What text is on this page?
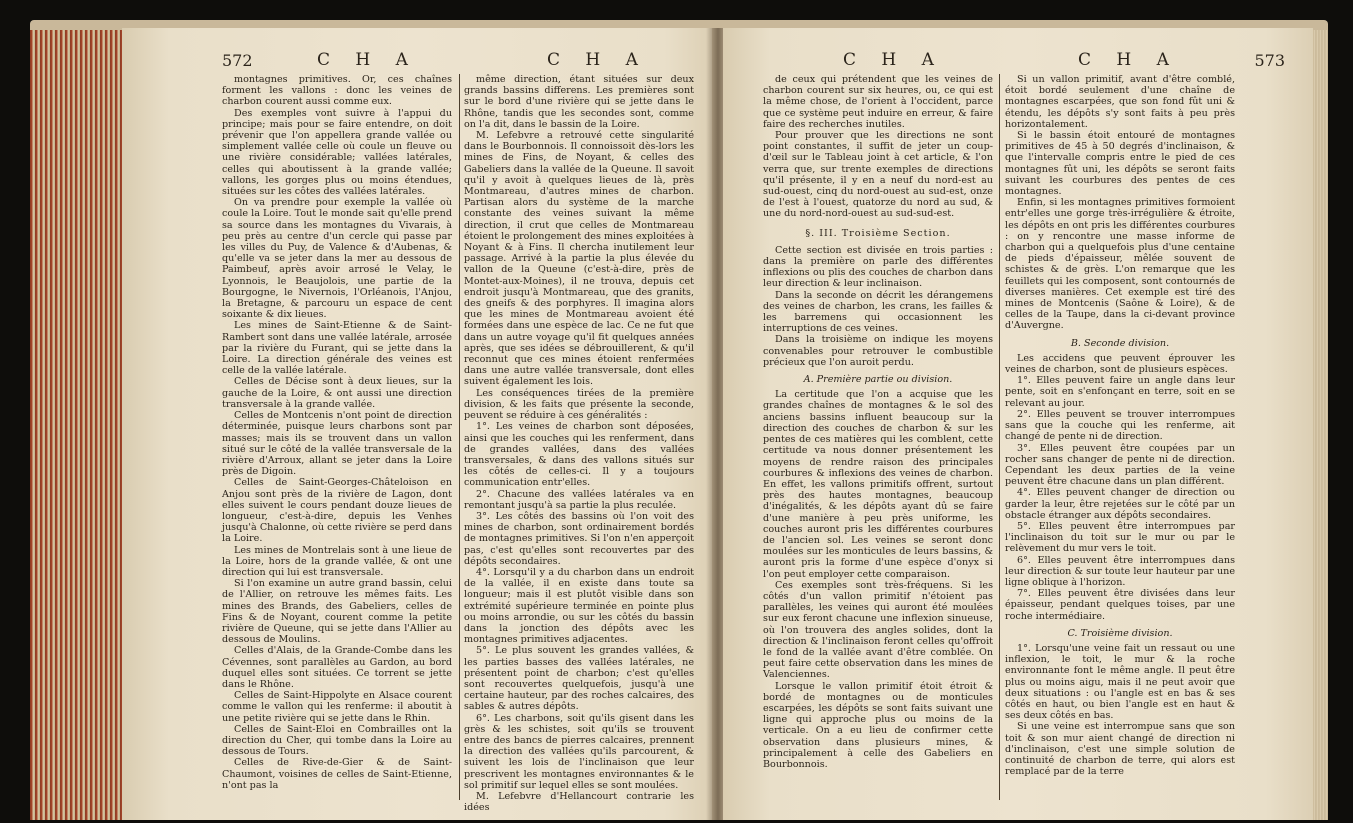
572	C H A	C H A

montagnes primitives. Or, ces chaînes forment les vallons : donc les veines de charbon courent aussi comme eux.

Des exemples vont suivre à l'appui du principe; mais pour se faire entendre, on doit prévenir que l'on appellera grande vallée ou simplement vallée celle où coule un fleuve ou une rivière considérable; vallées latérales, celles qui aboutissent à la grande vallée; vallons, les gorges plus ou moins étendues, situées sur les côtes des vallées latérales.

On va prendre pour exemple la vallée où coule la Loire. Tout le monde sait qu'elle prend sa source dans les montagnes du Vivarais, à peu près au centre d'un cercle qui passe par les villes du Puy, de Valence & d'Aubenas, & qu'elle va se jeter dans la mer au dessous de Paimbeuf, après avoir arrosé le Velay, le Lyonnois, le Beaujolois, une partie de la Bourgogne, le Nivernois, l'Orléanois, l'Anjou, la Bretagne, & parcouru un espace de cent soixante & dix lieues.

Les mines de Saint-Etienne & de Saint-Rambert sont dans une vallée latérale, arrosée par la rivière du Furant, qui se jette dans la Loire. La direction générale des veines est celle de la vallée latérale.

Celles de Décise sont à deux lieues, sur la gauche de la Loire, & ont aussi une direction transversale à la grande vallée.

Celles de Montcenis n'ont point de direction déterminée, puisque leurs charbons sont par masses; mais ils se trouvent dans un vallon situé sur le côté de la vallée transversale de la rivière d'Arroux, allant se jeter dans la Loire près de Digoin.

Celles de Saint-Georges-Châteloison en Anjou sont près de la rivière de Lagon, dont elles suivent le cours pendant douze lieues de longueur, c'est-à-dire, depuis les Venhes jusqu'à Chalonne, où cette rivière se perd dans la Loire.

Les mines de Montrelais sont à une lieue de la Loire, hors de la grande vallée, & ont une direction qui lui est transversale.

Si l'on examine un autre grand bassin, celui de l'Allier, on retrouve les mêmes faits. Les mines des Brands, des Gabeliers, celles de Fins & de Noyant, courent comme la petite rivière de Queune, qui se jette dans l'Allier au dessous de Moulins.

Celles d'Alais, de la Grande-Combe dans les Cévennes, sont parallèles au Gardon, au bord duquel elles sont situées. Ce torrent se jette dans le Rhône.

Celles de Saint-Hippolyte en Alsace courent comme le vallon qui les renferme: il aboutit à une petite rivière qui se jette dans le Rhin.

Celles de Saint-Eloi en Combrailles ont la direction du Cher, qui tombe dans la Loire au dessous de Tours.

Celles de Rive-de-Gier & de Saint-Chaumont, voisines de celles de Saint-Etienne, n'ont pas la

même direction, étant situées sur deux grands bassins differens. Les premières sont sur le bord d'une rivière qui se jette dans le Rhône, tandis que les secondes sont, comme on l'a dit, dans le bassin de la Loire.

M. Lefebvre a retrouvé cette singularité dans le Bourbonnois. Il connoissoit dès-lors les mines de Fins, de Noyant, & celles des Gabeliers dans la vallée de la Queune. Il savoit qu'il y avoit à quelques lieues de là, près Montmareau, d'autres mines de charbon. Partisan alors du système de la marche constante des veines suivant la même direction, il crut que celles de Montmareau étoient le prolongement des mines exploitées à Noyant & à Fins. Il chercha inutilement leur passage. Arrivé à la partie la plus élevée du vallon de la Queune (c'est-à-dire, près de Montet-aux-Moines), il ne trouva, depuis cet endroit jusqu'à Montmareau, que des granits, des gneifs & des porphyres. Il imagina alors que les mines de Montmareau avoient été formées dans une espèce de lac. Ce ne fut que dans un autre voyage qu'il fit quelques années après, que ses idées se débrouillerent, & qu'il reconnut que ces mines étoient renfermées dans une autre vallée transversale, dont elles suivent également les lois.

Les conséquences tirées de la première division, & les faits que présente la seconde, peuvent se réduire à ces généralités :

1°. Les veines de charbon sont déposées, ainsi que les couches qui les renferment, dans de grandes vallées, dans des vallées transversales, & dans des vallons situés sur les côtés de celles-ci. Il y a toujours communication entr'elles.

2°. Chacune des vallées latérales va en remontant jusqu'à sa partie la plus reculée.

3°. Les côtés des bassins où l'on voit des mines de charbon, sont ordinairement bordés de montagnes primitives. Si l'on n'en apperçoit pas, c'est qu'elles sont recouvertes par des dépôts secondaires.

4°. Lorsqu'il y a du charbon dans un endroit de la vallée, il en existe dans toute sa longueur; mais il est plutôt visible dans son extrémité supérieure terminée en pointe plus ou moins arrondie, ou sur les côtés du bassin dans la jonction des dépôts avec les montagnes primitives adjacentes.

5°. Le plus souvent les grandes vallées, & les parties basses des vallées latérales, ne présentent point de charbon; c'est qu'elles sont recouvertes quelquefois, jusqu'à une certaine hauteur, par des roches calcaires, des sables & autres dépôts.

6°. Les charbons, soit qu'ils gisent dans les grès & les schistes, soit qu'ils se trouvent entre des bancs de pierres calcaires, prennent la direction des vallées qu'ils parcourent, & suivent les lois de l'inclinaison que leur prescrivent les montagnes environnantes & le sol primitif sur lequel elles se sont moulées.

M. Lefebvre d'Hellancourt contrarie les idées

C H A	C H A	573

de ceux qui prétendent que les veines de charbon courent sur six heures, ou, ce qui est la même chose, de l'orient à l'occident, parce que ce système peut induire en erreur, & faire faire des recherches inutiles.

Pour prouver que les directions ne sont point constantes, il suffit de jeter un coup-d'œil sur le Tableau joint à cet article, & l'on verra que, sur trente exemples de directions qu'il présente, il y en a neuf du nord-est au sud-ouest, cinq du nord-ouest au sud-est, onze de l'est à l'ouest, quatorze du nord au sud, & une du nord-nord-ouest au sud-sud-est.

§. III. Troisième Section.

Cette section est divisée en trois parties : dans la première on parle des différentes inflexions ou plis des couches de charbon dans leur direction & leur inclinaison.

Dans la seconde on décrit les dérangemens des veines de charbon, les crans, les failles & les barremens qui occasionnent les interruptions de ces veines.

Dans la troisième on indique les moyens convenables pour retrouver le combustible précieux que l'on auroit perdu.

A. Première partie ou division.

La certitude que l'on a acquise que les grandes chaînes de montagnes & le sol des anciens bassins influent beaucoup sur la direction des couches de charbon & sur les pentes de ces matières qui les comblent, cette certitude va nous donner présentement les moyens de rendre raison des principales courbures & inflexions des veines de charbon. En effet, les vallons primitifs offrent, surtout près des hautes montagnes, beaucoup d'inégalités, & les dépôts ayant dû se faire d'une manière à peu près uniforme, les couches auront pris les différentes courbures de l'ancien sol. Les veines se seront donc moulées sur les monticules de leurs bassins, & auront pris la forme d'une espèce d'onyx si l'on peut employer cette comparaison.

Ces exemples sont très-fréquens. Si les côtés d'un vallon primitif n'étoient pas parallèles, les veines qui auront été moulées sur eux feront chacune une inflexion sinueuse, où l'on trouvera des angles solides, dont la direction & l'inclinaison feront celles qu'offroit le fond de la vallée avant d'être comblée. On peut faire cette observation dans les mines de Valenciennes.

Lorsque le vallon primitif étoit étroit & bordé de montagnes ou de monticules escarpées, les dépôts se sont faits suivant une ligne qui approche plus ou moins de la verticale. On a eu lieu de confirmer cette observation dans plusieurs mines, & principalement à celle des Gabeliers en Bourbonnois.

Si un vallon primitif, avant d'être comblé, étoit bordé seulement d'une chaîne de montagnes escarpées, que son fond fût uni & étendu, les dépôts s'y sont faits à peu près horizontalement.

Si le bassin étoit entouré de montagnes primitives de 45 à 50 degrés d'inclinaison, & que l'intervalle compris entre le pied de ces montagnes fût uni, les dépôts se seront faits suivant les courbures des pentes de ces montagnes.

Enfin, si les montagnes primitives formoient entr'elles une gorge très-irrégulière & étroite, les dépôts en ont pris les différentes courbures : on y rencontre une masse informe de charbon qui a quelquefois plus d'une centaine de pieds d'épaisseur, mêlée souvent de schistes & de grès. L'on remarque que les feuillets qui les composent, sont contournés de diverses manières. Cet exemple est tiré des mines de Montcenis (Saône & Loire), & de celles de la Taupe, dans la ci-devant province d'Auvergne.

B. Seconde division.

Les accidens que peuvent éprouver les veines de charbon, sont de plusieurs espèces.

1°. Elles peuvent faire un angle dans leur pente, soit en s'enfonçant en terre, soit en se relevant au jour.

2°. Elles peuvent se trouver interrompues sans que la couche qui les renferme, ait changé de pente ni de direction.

3°. Elles peuvent être coupées par un rocher sans changer de pente ni de direction. Cependant les deux parties de la veine peuvent être chacune dans un plan différent.

4°. Elles peuvent changer de direction ou garder la leur, être rejetées sur le côté par un obstacle étranger aux dépôts secondaires.

5°. Elles peuvent être interrompues par l'inclinaison du toit sur le mur ou par le relèvement du mur vers le toit.

6°. Elles peuvent être interrompues dans leur direction & sur toute leur hauteur par une ligne oblique à l'horizon.

7°. Elles peuvent être divisées dans leur épaisseur, pendant quelques toises, par une roche intermédiaire.

C. Troisième division.

1°. Lorsqu'une veine fait un ressaut ou une inflexion, le toit, le mur & la roche environnante font le même angle. Il peut être plus ou moins aigu, mais il ne peut avoir que deux situations : ou l'angle est en bas & ses côtés en haut, ou bien l'angle est en haut & ses deux côtés en bas.

Si une veine est interrompue sans que son toit & son mur aient changé de direction ni d'inclinaison, c'est une simple solution de continuité de charbon de terre, qui alors est remplacé par de la terre
